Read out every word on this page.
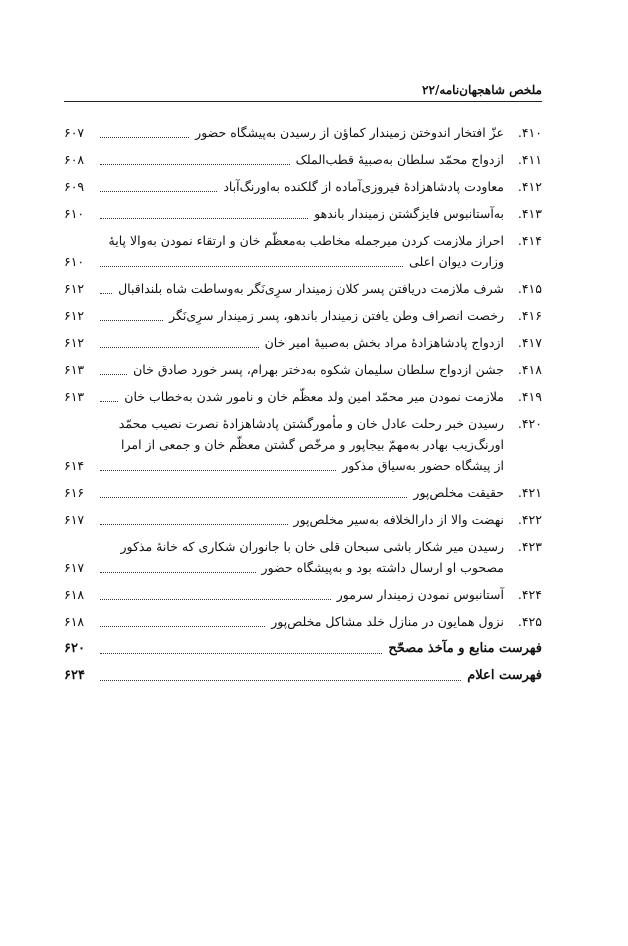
ملخص شاهجهان‌نامه/۲۲
۴۱۰.
عزّ افتخار اندوختن زمیندار کماؤن از رسیدن به‌پیشگاه حضور
۶۰۷
۴۱۱.
ازدواج محمّد سلطان به‌صبیهٔ قطب‌الملک
۶۰۸
۴۱۲.
معاودت پادشاهزادهٔ فیروزی‌آماده از گلکنده به‌اورنگ‌آباد
۶۰۹
۴۱۳.
به‌آستانبوس فایزگشتن زمیندار باندهو
۶۱۰
۴۱۴.
احراز ملازمت کردن میرجمله مخاطب به‌معظّم خان و ارتقاء نمودن به‌والا پایهٔ
وزارت دیوان اعلی
۶۱۰
۴۱۵.
شرف ملازمت دریافتن پسر کلان زمیندار سرِی‌نَگر به‌وساطت شاه بلنداقبال
۶۱۲
۴۱۶.
رخصت انصراف وطن یافتن زمیندار باندهو، پسر زمیندار سرِی‌نَگر
۶۱۲
۴۱۷.
ازدواج پادشاهزادهٔ مراد بخش به‌صبیهٔ امیر خان
۶۱۲
۴۱۸.
جشن ازدواج سلطان سلیمان شکوه به‌دختر بهرام، پسر خورد صادق خان
۶۱۳
۴۱۹.
ملازمت نمودن میر محمّد امین ولد معظّم خان و نامور شدن به‌خطاب خان
۶۱۳
۴۲۰.
رسیدن خبر رحلت عادل خان و مأمورگشتن پادشاهزادهٔ نصرت نصیب محمّد
اورنگ‌زیب بهادر به‌مهمّ بیجاپور و مرخّص گشتن معظّم خان و جمعی از امرا
از پیشگاه حضور به‌سیاق مذکور
۶۱۴
۴۲۱.
حقیقت مخلص‌پور
۶۱۶
۴۲۲.
نهضت والا از دارالخلافه به‌سیر مخلص‌پور
۶۱۷
۴۲۳.
رسیدن میر شکار باشی سبحان قلی خان با جانوران شکاری که خانهٔ مذکور
مصحوب او ارسال داشته بود و به‌پیشگاه حضور
۶۱۷
۴۲۴.
آستانبوس نمودن زمیندار سرمور
۶۱۸
۴۲۵.
نزول همایون در منازل خلد مشاکل مخلص‌پور
۶۱۸
فهرست منابع و مآخذ مصحّح
۶۲۰
فهرست اعلام
۶۲۴
